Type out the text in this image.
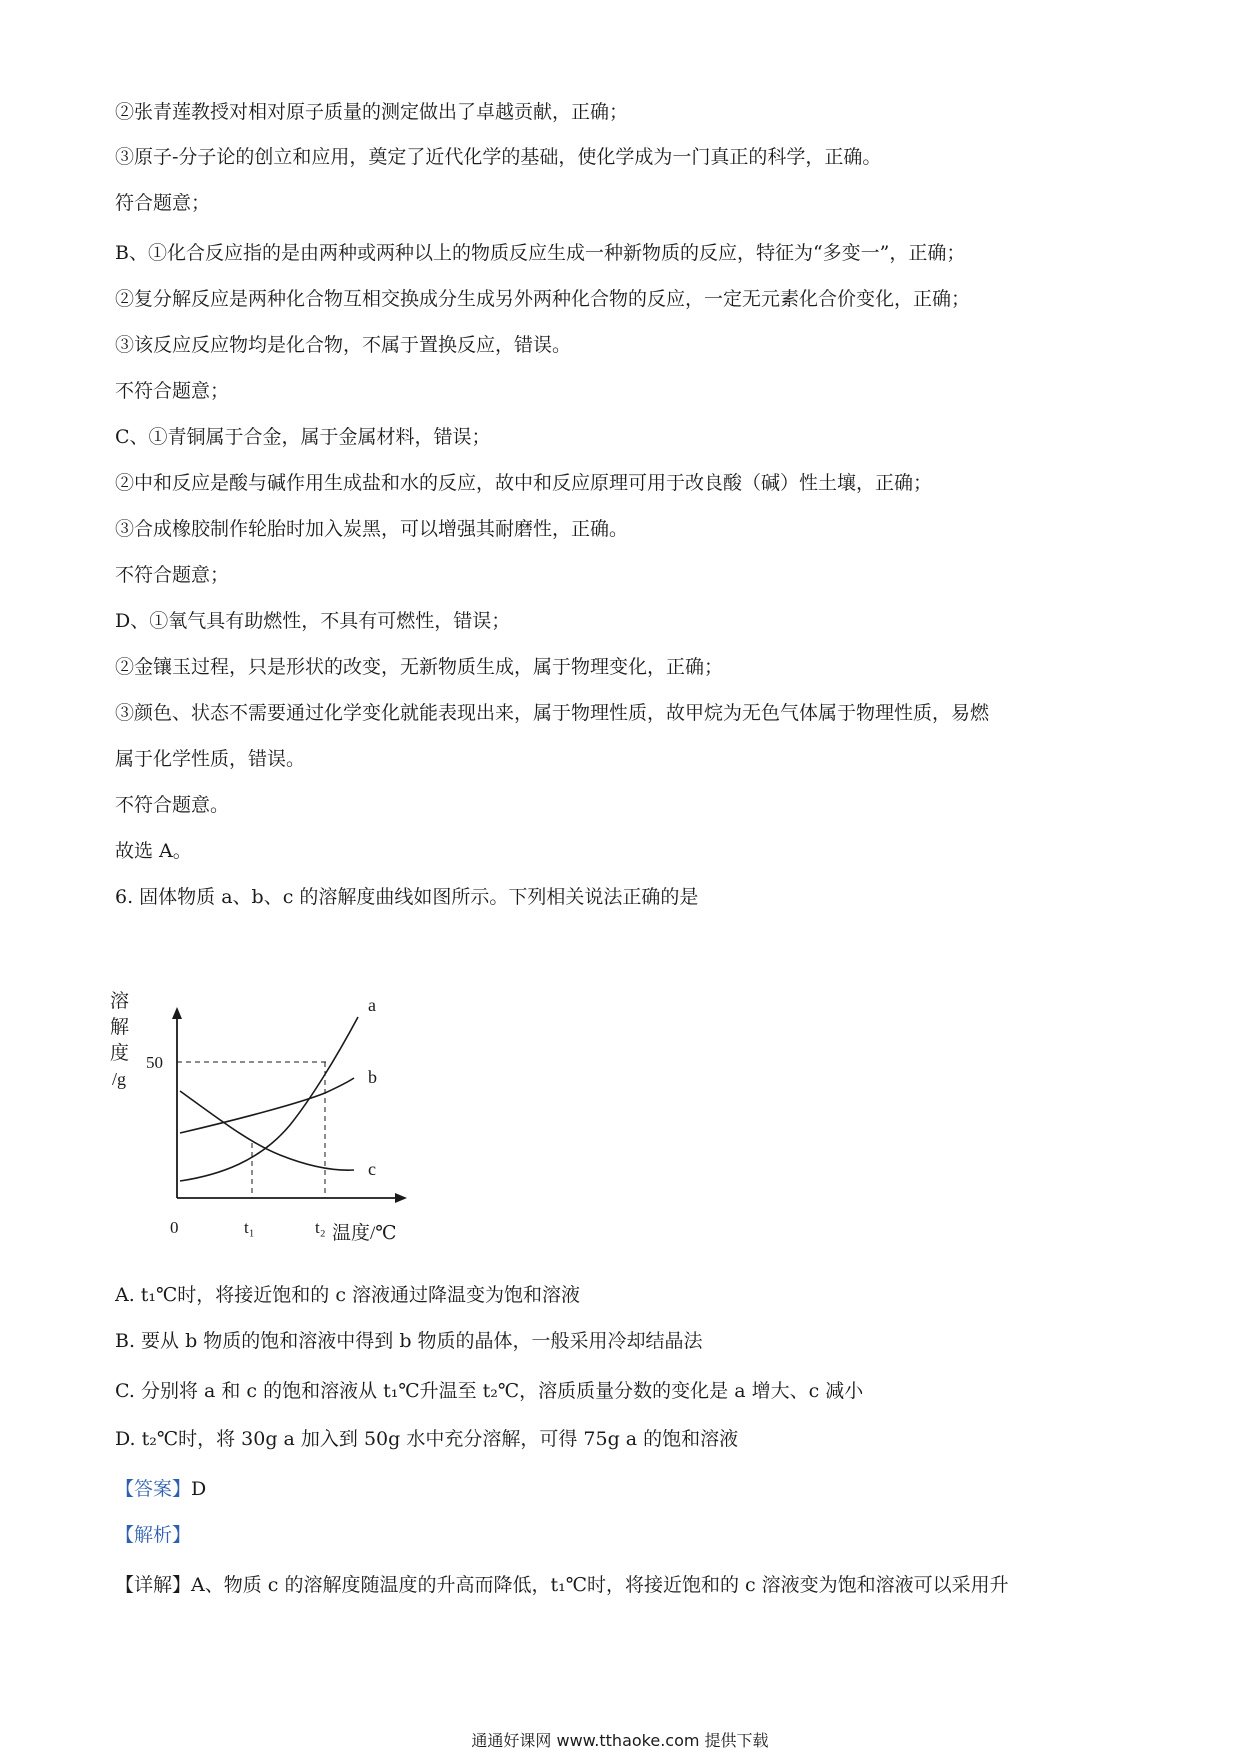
②张青莲教授对相对原子质量的测定做出了卓越贡献，正确；
③原子-分子论的创立和应用，奠定了近代化学的基础，使化学成为一门真正的科学，正确。
符合题意；
B、①化合反应指的是由两种或两种以上的物质反应生成一种新物质的反应，特征为“多变一”，正确；
②复分解反应是两种化合物互相交换成分生成另外两种化合物的反应，一定无元素化合价变化，正确；
③该反应反应物均是化合物，不属于置换反应，错误。
不符合题意；
C、①青铜属于合金，属于金属材料，错误；
②中和反应是酸与碱作用生成盐和水的反应，故中和反应原理可用于改良酸（碱）性土壤，正确；
③合成橡胶制作轮胎时加入炭黑，可以增强其耐磨性，正确。
不符合题意；
D、①氧气具有助燃性，不具有可燃性，错误；
②金镶玉过程，只是形状的改变，无新物质生成，属于物理变化，正确；
③颜色、状态不需要通过化学变化就能表现出来，属于物理性质，故甲烷为无色气体属于物理性质，易燃
属于化学性质，错误。
不符合题意。
故选 A。
6. 固体物质 a、b、c 的溶解度曲线如图所示。下列相关说法正确的是
溶
解
度
/g
50
0	t₁	t₂ 温度/℃
a
b
c
A. t₁℃时，将接近饱和的 c 溶液通过降温变为饱和溶液
B. 要从 b 物质的饱和溶液中得到 b 物质的晶体，一般采用冷却结晶法
C. 分别将 a 和 c 的饱和溶液从 t₁℃升温至 t₂℃，溶质质量分数的变化是 a 增大、c 减小
D. t₂℃时，将 30g a 加入到 50g 水中充分溶解，可得 75g a 的饱和溶液
【答案】D
【解析】
【详解】A、物质 c 的溶解度随温度的升高而降低，t₁℃时，将接近饱和的 c 溶液变为饱和溶液可以采用升
通通好课网 www.tthaoke.com 提供下载
